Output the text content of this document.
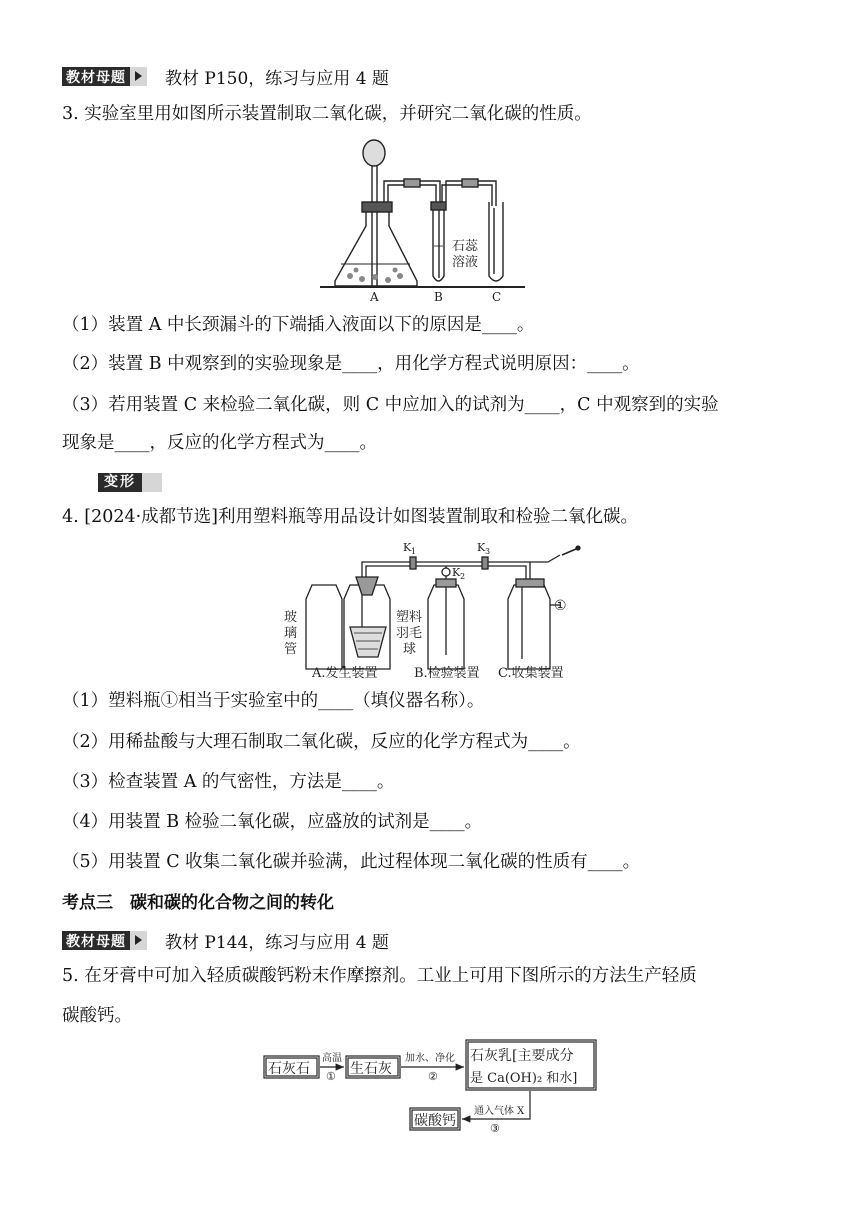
教材母题 教材 P150，练习与应用 4 题
3. 实验室里用如图所示装置制取二氧化碳，并研究二氧化碳的性质。
石蕊
溶液
A	B	C
（1）装置 A 中长颈漏斗的下端插入液面以下的原因是____。
（2）装置 B 中观察到的实验现象是____，用化学方程式说明原因：____。
（3）若用装置 C 来检验二氧化碳，则 C 中应加入的试剂为____，C 中观察到的实验
现象是____，反应的化学方程式为____。
变形
4. [2024·成都节选]利用塑料瓶等用品设计如图装置制取和检验二氧化碳。
K 1
K 2
K 3
玻
璃
管
塑料
羽毛
球
①
A.发生装置	B.检验装置 C.收集装置
（1）塑料瓶①相当于实验室中的____（填仪器名称）。
（2）用稀盐酸与大理石制取二氧化碳，反应的化学方程式为____。
（3）检查装置 A 的气密性，方法是____。
（4）用装置 B 检验二氧化碳，应盛放的试剂是____。
（5）用装置 C 收集二氧化碳并验满，此过程体现二氧化碳的性质有____。
考点三　碳和碳的化合物之间的转化
教材母题 教材 P144，练习与应用 4 题
5. 在牙膏中可加入轻质碳酸钙粉末作摩擦剂。工业上可用下图所示的方法生产轻质
碳酸钙。
石灰石	生石灰
石灰乳[主要成分
是 Ca(OH)₂ 和水]
碳酸钙
高温
①
加水、净化
②
通入气体 X
③
